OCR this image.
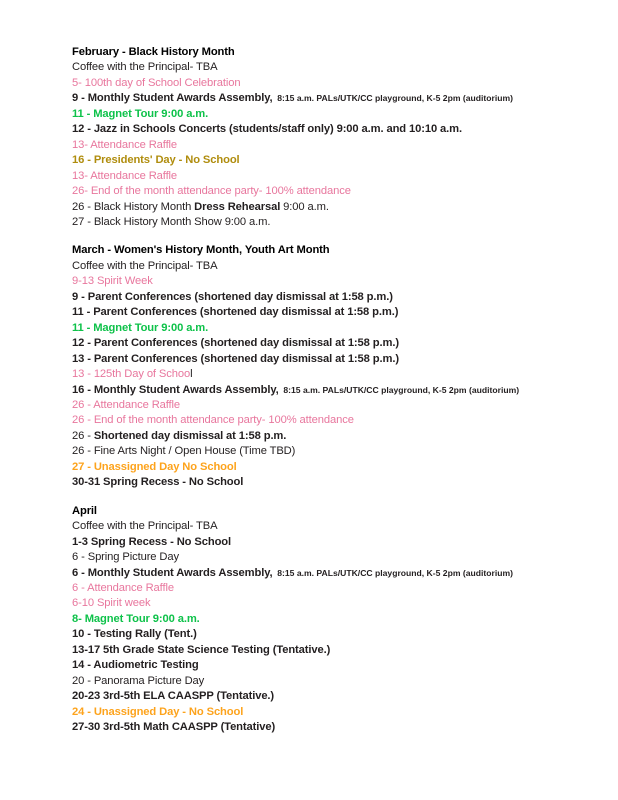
February - Black History Month
Coffee with the Principal- TBA
5- 100th day of School Celebration
9 - Monthly Student Awards Assembly,  8:15 a.m. PALs/UTK/CC playground, K-5 2pm (auditorium)
11 - Magnet Tour 9:00 a.m.
12 - Jazz in Schools Concerts (students/staff only) 9:00 a.m. and 10:10 a.m.
13- Attendance Raffle
16 - Presidents' Day - No School
13- Attendance Raffle
26- End of the month attendance party- 100% attendance
26 - Black History Month Dress Rehearsal 9:00 a.m.
27 - Black History Month Show 9:00 a.m.
March - Women's History Month, Youth Art Month
Coffee with the Principal- TBA
9-13 Spirit Week
9 - Parent Conferences (shortened day dismissal at 1:58 p.m.)
11 - Parent Conferences (shortened day dismissal at 1:58 p.m.)
11 - Magnet Tour 9:00 a.m.
12 - Parent Conferences (shortened day dismissal at 1:58 p.m.)
13 - Parent Conferences (shortened day dismissal at 1:58 p.m.)
13 - 125th Day of School
16 - Monthly Student Awards Assembly,  8:15 a.m. PALs/UTK/CC playground, K-5 2pm (auditorium)
26 - Attendance Raffle
26 - End of the month attendance party- 100% attendance
26 - Shortened day dismissal at 1:58 p.m.
26 - Fine Arts Night / Open House (Time TBD)
27 - Unassigned Day No School
30-31 Spring Recess - No School
April
Coffee with the Principal- TBA
1-3 Spring Recess - No School
6 - Spring Picture Day
6 - Monthly Student Awards Assembly,  8:15 a.m. PALs/UTK/CC playground, K-5 2pm (auditorium)
6 - Attendance Raffle
6-10 Spirit week
8- Magnet Tour 9:00 a.m.
10 - Testing Rally (Tent.)
13-17 5th Grade State Science Testing (Tentative.)
14 - Audiometric Testing
20 - Panorama Picture Day
20-23 3rd-5th ELA CAASPP (Tentative.)
24 - Unassigned Day - No School
27-30 3rd-5th Math CAASPP (Tentative)
